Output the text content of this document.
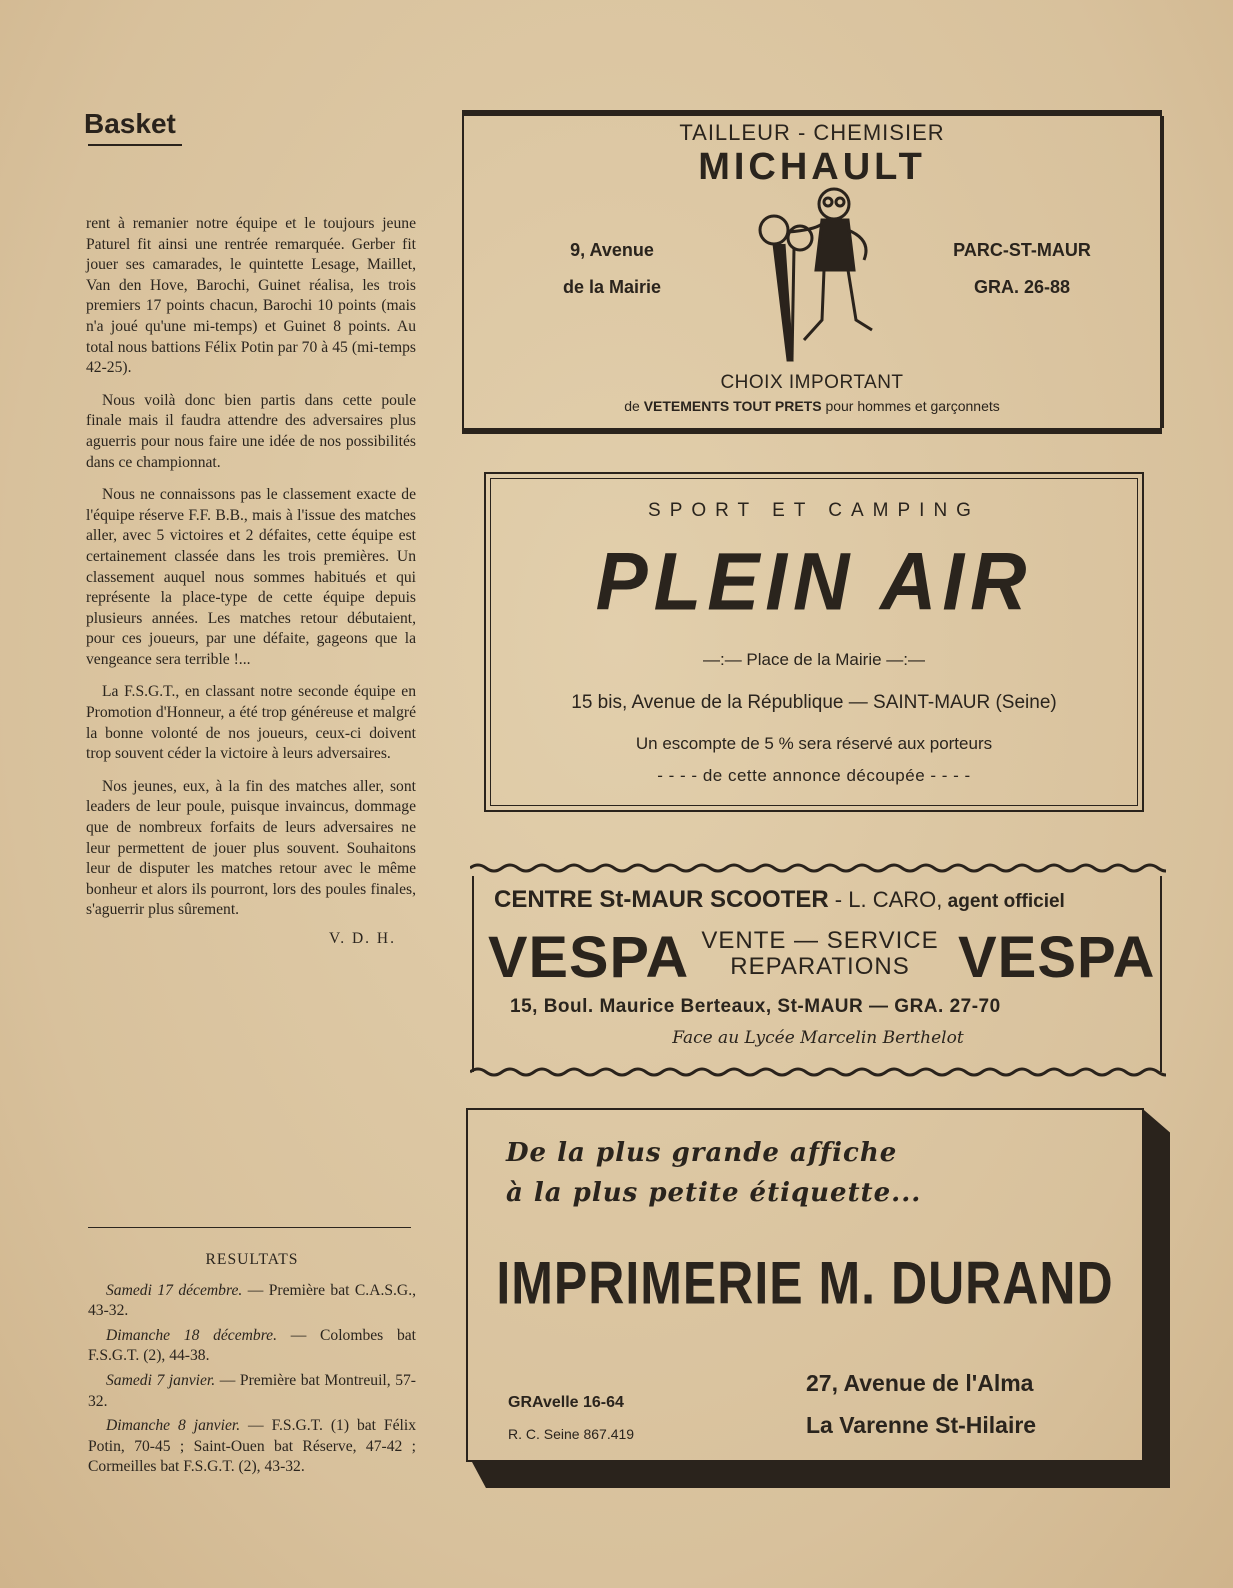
Basket

rent à remanier notre équipe et le toujours jeune Paturel fit ainsi une rentrée remarquée. Gerber fit jouer ses camarades, le quintette Lesage, Maillet, Van den Hove, Barochi, Guinet réalisa, les trois premiers 17 points chacun, Barochi 10 points (mais n'a joué qu'une mi-temps) et Guinet 8 points. Au total nous battions Félix Potin par 70 à 45 (mi-temps 42-25).

Nous voilà donc bien partis dans cette poule finale mais il faudra attendre des adversaires plus aguerris pour nous faire une idée de nos possibilités dans ce championnat.

Nous ne connaissons pas le classement exacte de l'équipe réserve F.F. B.B., mais à l'issue des matches aller, avec 5 victoires et 2 défaites, cette équipe est certainement classée dans les trois premières. Un classement auquel nous sommes habitués et qui représente la place-type de cette équipe depuis plusieurs années. Les matches retour débutaient, pour ces joueurs, par une défaite, gageons que la vengeance sera terrible !...

La F.S.G.T., en classant notre seconde équipe en Promotion d'Honneur, a été trop généreuse et malgré la bonne volonté de nos joueurs, ceux-ci doivent trop souvent céder la victoire à leurs adversaires.

Nos jeunes, eux, à la fin des matches aller, sont leaders de leur poule, puisque invaincus, dommage que de nombreux forfaits de leurs adversaires ne leur permettent de jouer plus souvent. Souhaitons leur de disputer les matches retour avec le même bonheur et alors ils pourront, lors des poules finales, s'aguerrir plus sûrement.

V. D. H.
RESULTATS

Samedi 17 décembre. — Première bat C.A.S.G., 43-32.

Dimanche 18 décembre. — Colombes bat F.S.G.T. (2), 44-38.

Samedi 7 janvier. — Première bat Montreuil, 57-32.

Dimanche 8 janvier. — F.S.G.T. (1) bat Félix Potin, 70-45 ; Saint-Ouen bat Réserve, 47-42 ; Cormeilles bat F.S.G.T. (2), 43-32.

TAILLEUR - CHEMISIER
MICHAULT
9, Avenue
de la Mairie
PARC-ST-MAUR
GRA. 26-88
CHOIX IMPORTANT
de VETEMENTS TOUT PRETS pour hommes et garçonnets
SPORT ET CAMPING
PLEIN AIR
—:— Place de la Mairie —:—
15 bis, Avenue de la République — SAINT-MAUR (Seine)
Un escompte de 5 % sera réservé aux porteurs
- - - - de cette annonce découpée - - - -
CENTRE St-MAUR SCOOTER - L. CARO, agent officiel
VESPA VENTE — SERVICE
REPARATIONS VESPA
15, Boul. Maurice Berteaux, St-MAUR — GRA. 27-70
Face au Lycée Marcelin Berthelot
De la plus grande affiche
à la plus petite étiquette...
IMPRIMERIE M. DURAND
GRAvelle 16-64
R. C. Seine 867.419
27, Avenue de l'Alma
La Varenne St-Hilaire
